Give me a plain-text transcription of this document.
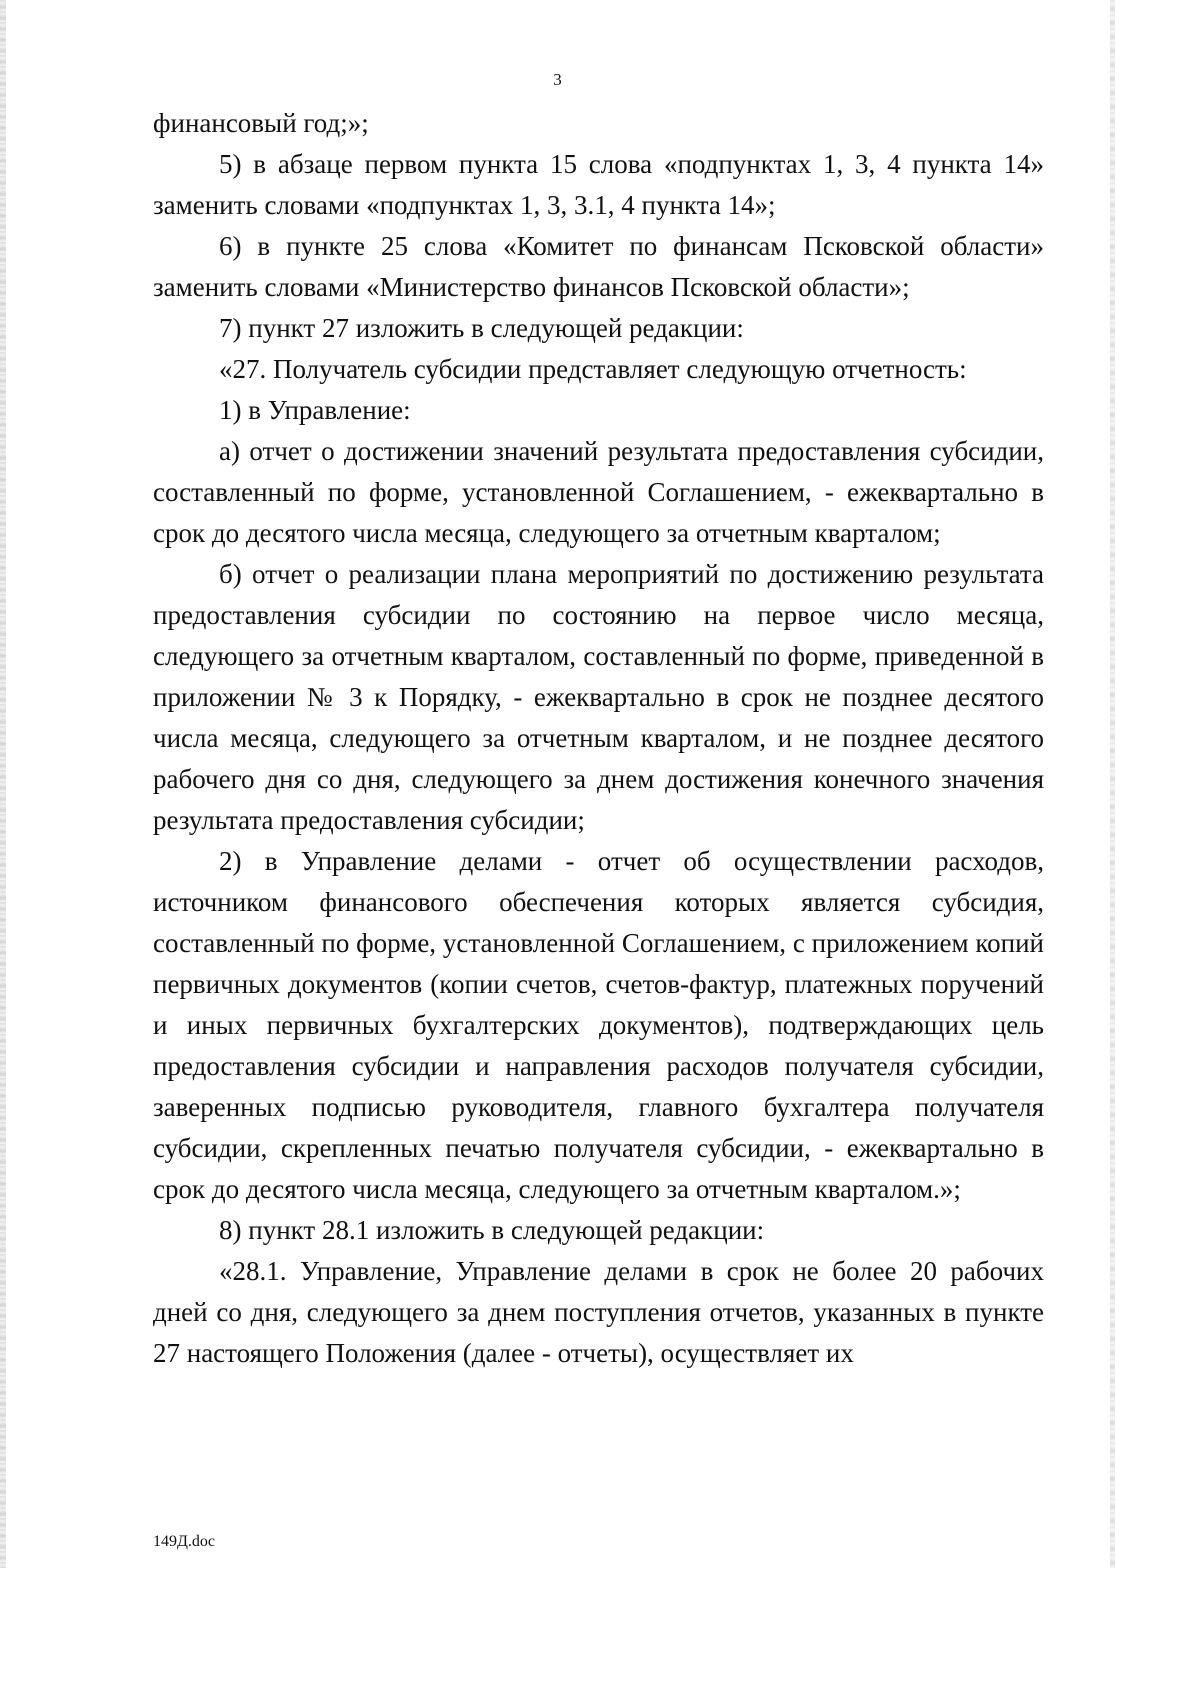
3

финансовый год;»;

5) в абзаце первом пункта 15 слова «подпунктах 1, 3, 4 пункта 14» заменить словами «подпунктах 1, 3, 3.1, 4 пункта 14»;

6) в пункте 25 слова «Комитет по финансам Псковской области» заменить словами «Министерство финансов Псковской области»;

7) пункт 27 изложить в следующей редакции:

«27. Получатель субсидии представляет следующую отчетность:

1) в Управление:

а) отчет о достижении значений результата предоставления субсидии, составленный по форме, установленной Соглашением, - ежеквартально в срок до десятого числа месяца, следующего за отчетным кварталом;

б) отчет о реализации плана мероприятий по достижению результата предоставления субсидии по состоянию на первое число месяца, следующего за отчетным кварталом, составленный по форме, приведенной в приложении № 3 к Порядку, - ежеквартально в срок не позднее десятого числа месяца, следующего за отчетным кварталом, и не позднее десятого рабочего дня со дня, следующего за днем достижения конечного значения результата предоставления субсидии;

2) в Управление делами - отчет об осуществлении расходов, источником финансового обеспечения которых является субсидия, составленный по форме, установленной Соглашением, с приложением копий первичных документов (копии счетов, счетов-фактур, платежных поручений и иных первичных бухгалтерских документов), подтверждающих цель предоставления субсидии и направления расходов получателя субсидии, заверенных подписью руководителя, главного бухгалтера получателя субсидии, скрепленных печатью получателя субсидии, - ежеквартально в срок до десятого числа месяца, следующего за отчетным кварталом.»;

8) пункт 28.1 изложить в следующей редакции:

«28.1. Управление, Управление делами в срок не более 20 рабочих дней со дня, следующего за днем поступления отчетов, указанных в пункте 27 настоящего Положения (далее - отчеты), осуществляет их

149Д.doc
